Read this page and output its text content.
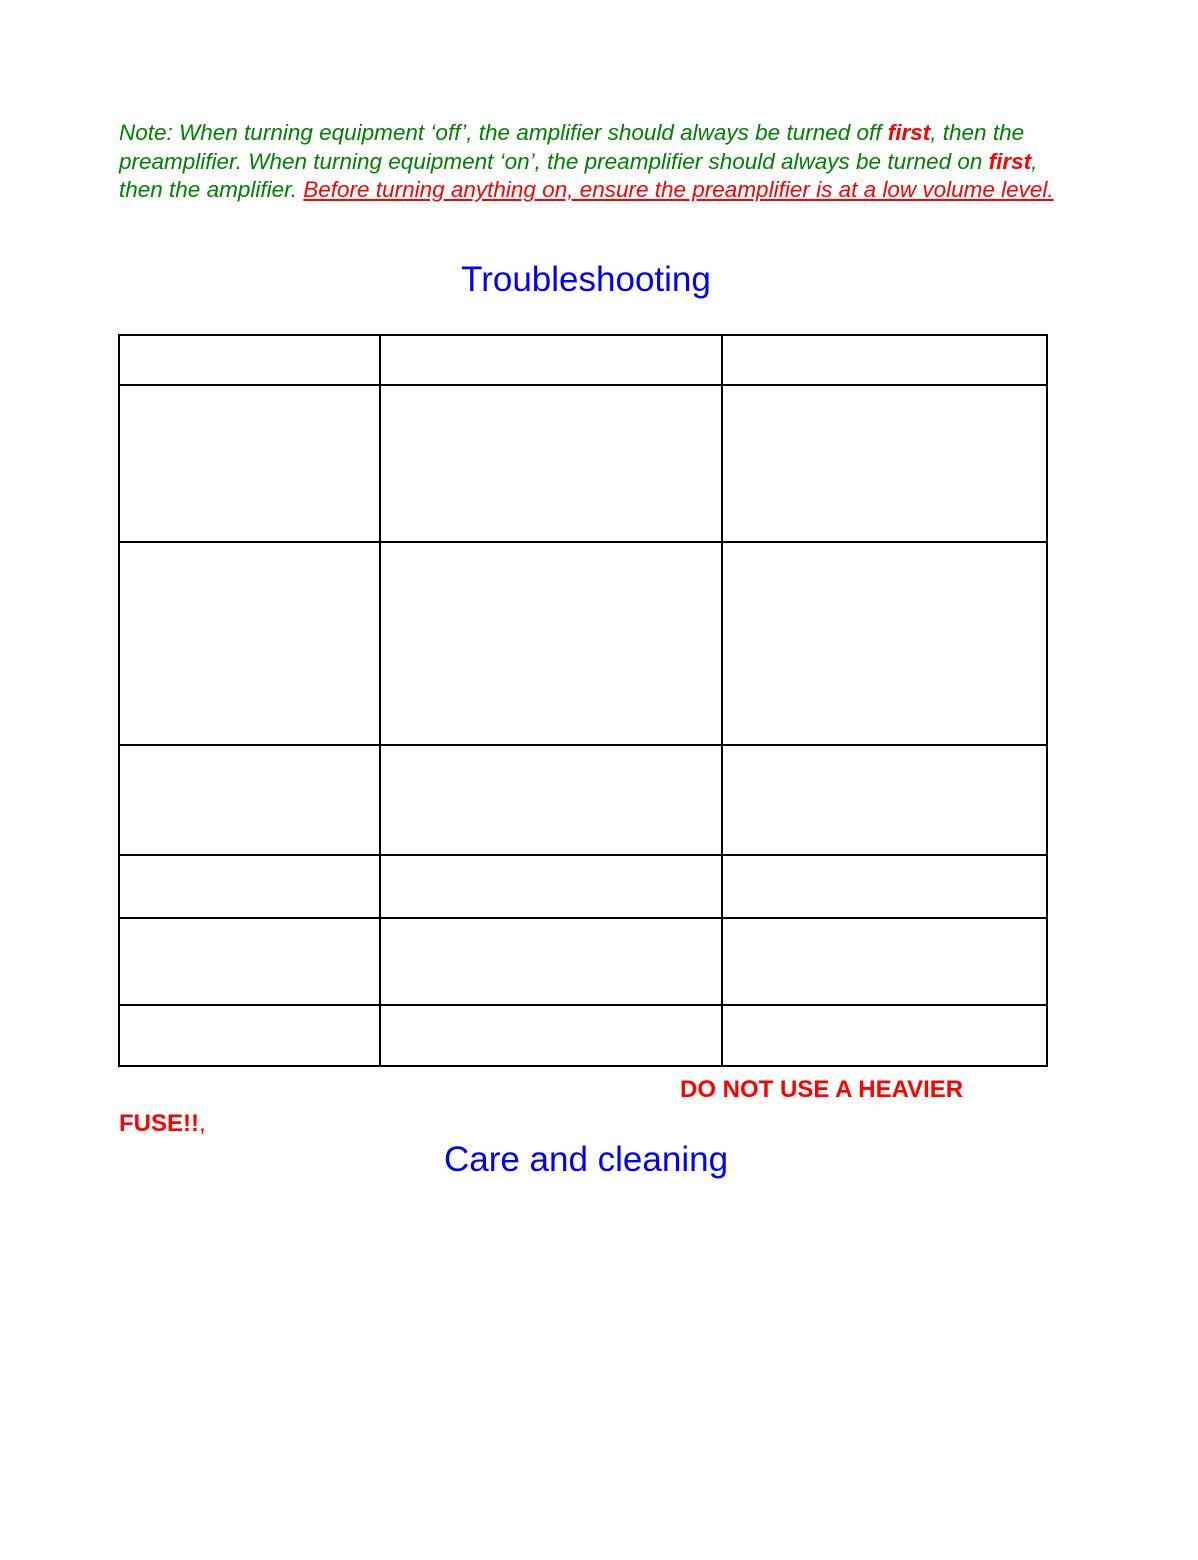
Note: When turning equipment ‘off’, the amplifier should always be turned off first, then the preamplifier. When turning equipment ‘on’, the preamplifier should always be turned on first, then the amplifier. Before turning anything on, ensure the preamplifier is at a low volume level.

Troubleshooting

DO NOT USE A HEAVIER

FUSE!!,

Care and cleaning
